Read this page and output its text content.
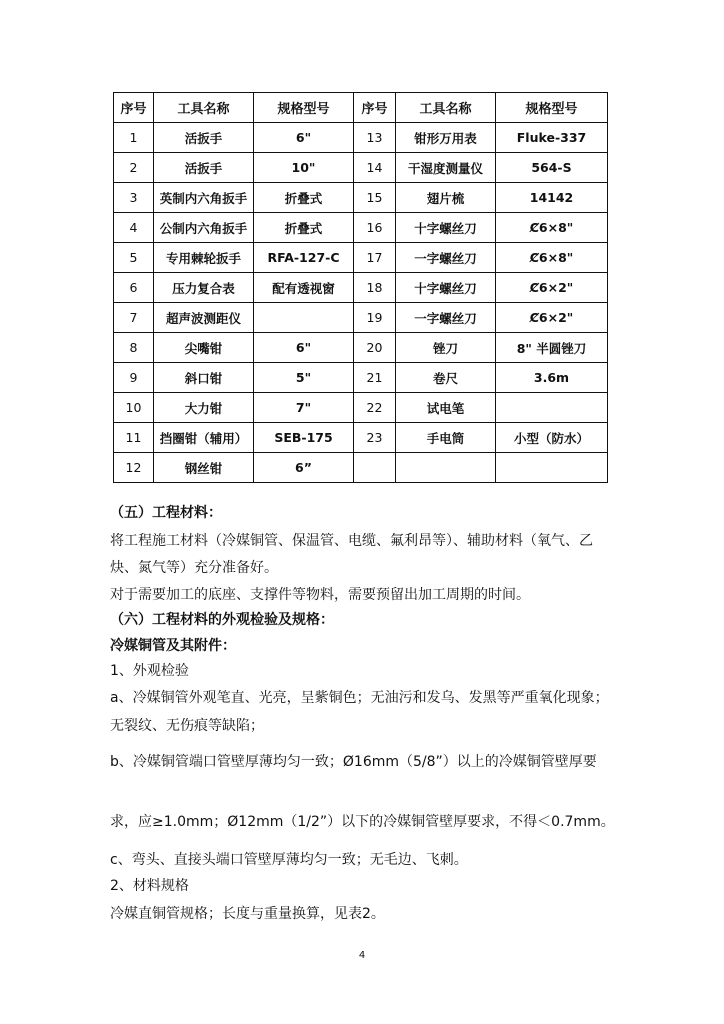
序号	工具名称	规格型号	序号	工具名称	规格型号
1	活扳手	6"	13	钳形万用表	Fluke-337
2	活扳手	10"	14	干湿度测量仪	564-S
3	英制内六角扳手	折叠式	15	翅片梳	14142
4	公制内六角扳手	折叠式	16	十字螺丝刀	Ȼ6×8"
5	专用棘轮扳手	RFA-127-C	17	一字螺丝刀	Ȼ6×8"
6	压力复合表	配有透视窗	18	十字螺丝刀	Ȼ6×2"
7	超声波测距仪		19	一字螺丝刀	Ȼ6×2"
8	尖嘴钳	6"	20	锉刀	8" 半圆锉刀
9	斜口钳	5"	21	卷尺	3.6m
10	大力钳	7"	22	试电笔	
11	挡圈钳（辅用）	SEB-175	23	手电筒	小型（防水）
12	钢丝钳	6”			
（五）工程材料：
将工程施工材料（冷媒铜管、保温管、电缆、氟利昂等）、辅助材料（氧气、乙
炔、氮气等）充分准备好。
对于需要加工的底座、支撑件等物料，需要预留出加工周期的时间。
（六）工程材料的外观检验及规格：
冷媒铜管及其附件：
1、外观检验
a、冷媒铜管外观笔直、光亮，呈紫铜色；无油污和发乌、发黑等严重氧化现象；
无裂纹、无伤痕等缺陷；
b、冷媒铜管端口管壁厚薄均匀一致；Ø16mm（5/8”）以上的冷媒铜管壁厚要
求，应≥1.0mm；Ø12mm（1/2”）以下的冷媒铜管壁厚要求，不得＜0.7mm。
c、弯头、直接头端口管壁厚薄均匀一致；无毛边、飞刺。
2、材料规格
冷媒直铜管规格；长度与重量换算，见表2。
4
